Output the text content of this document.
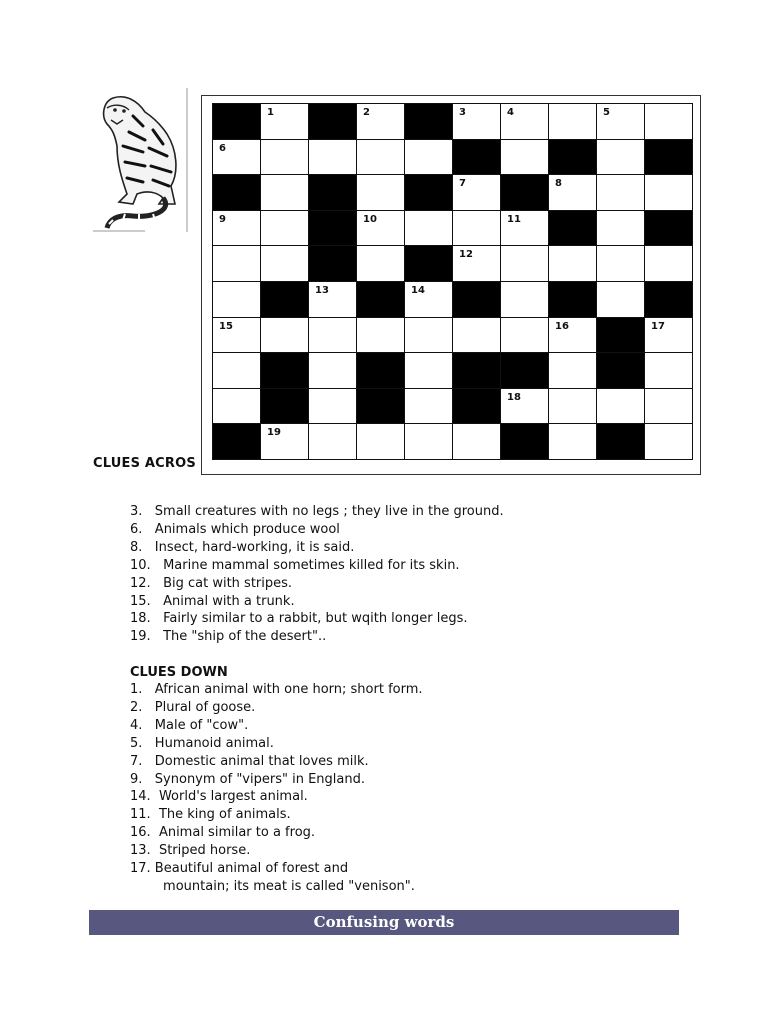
1	2	3	4	5
6
7	8
9	10	11
12
13	14
15	16	17
18
19
CLUES ACROS
3.   Small creatures with no legs ; they live in the ground.
6.   Animals which produce wool
8.   Insect, hard-working, it is said.
10.   Marine mammal sometimes killed for its skin.
12.   Big cat with stripes.
15.   Animal with a trunk.
18.   Fairly similar to a rabbit, but wqith longer legs.
19.   The "ship of the desert"..
CLUES DOWN
1.   African animal with one horn; short form.
2.   Plural of goose.
4.   Male of "cow".
5.   Humanoid animal.
7.   Domestic animal that loves milk.
9.   Synonym of "vipers" in England.
14.  World's largest animal.
11.  The king of animals.
16.  Animal similar to a frog.
13.  Striped horse.
17. Beautiful animal of forest and
mountain; its meat is called "venison".
Confusing words
